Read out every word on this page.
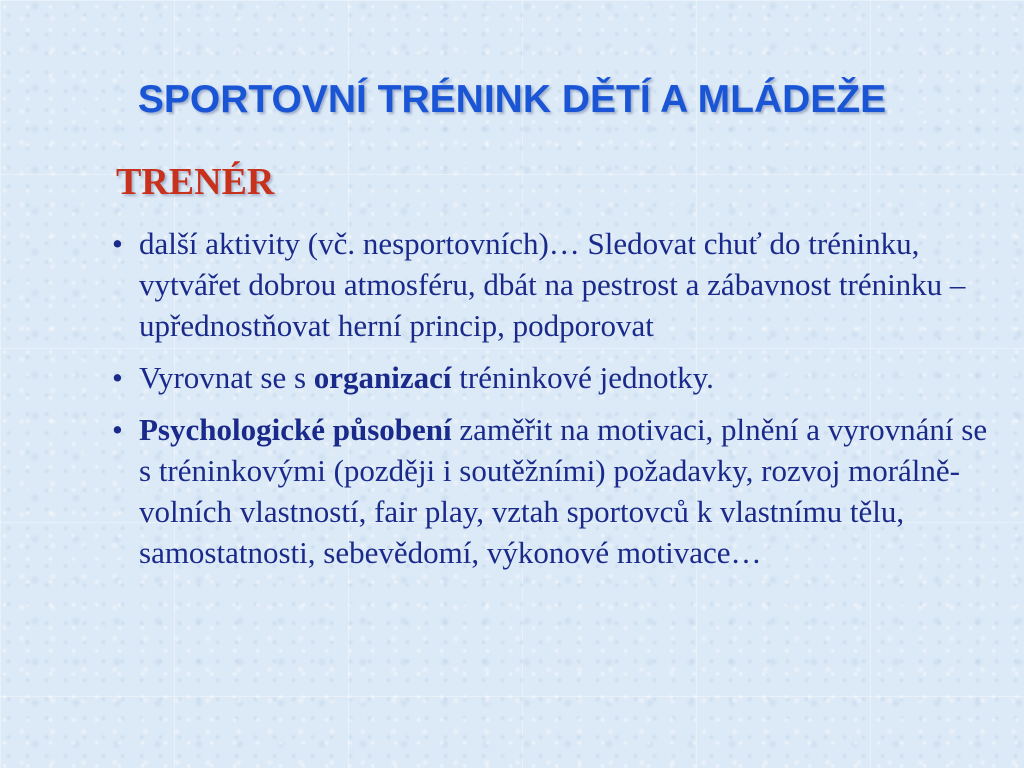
SPORTOVNÍ TRÉNINK DĚTÍ A MLÁDEŽE
TRENÉR
• další aktivity (vč. nesportovních)… Sledovat chuť do tréninku, vytvářet dobrou atmosféru, dbát na pestrost a zábavnost tréninku – upřednostňovat herní princip, podporovat
• Vyrovnat se s organizací tréninkové jednotky.
• Psychologické působení zaměřit na motivaci, plnění a vyrovnání se s tréninkovými (později i soutěžními) požadavky, rozvoj morálně-volních vlastností, fair play, vztah sportovců k vlastnímu tělu, samostatnosti, sebevědomí, výkonové motivace…
